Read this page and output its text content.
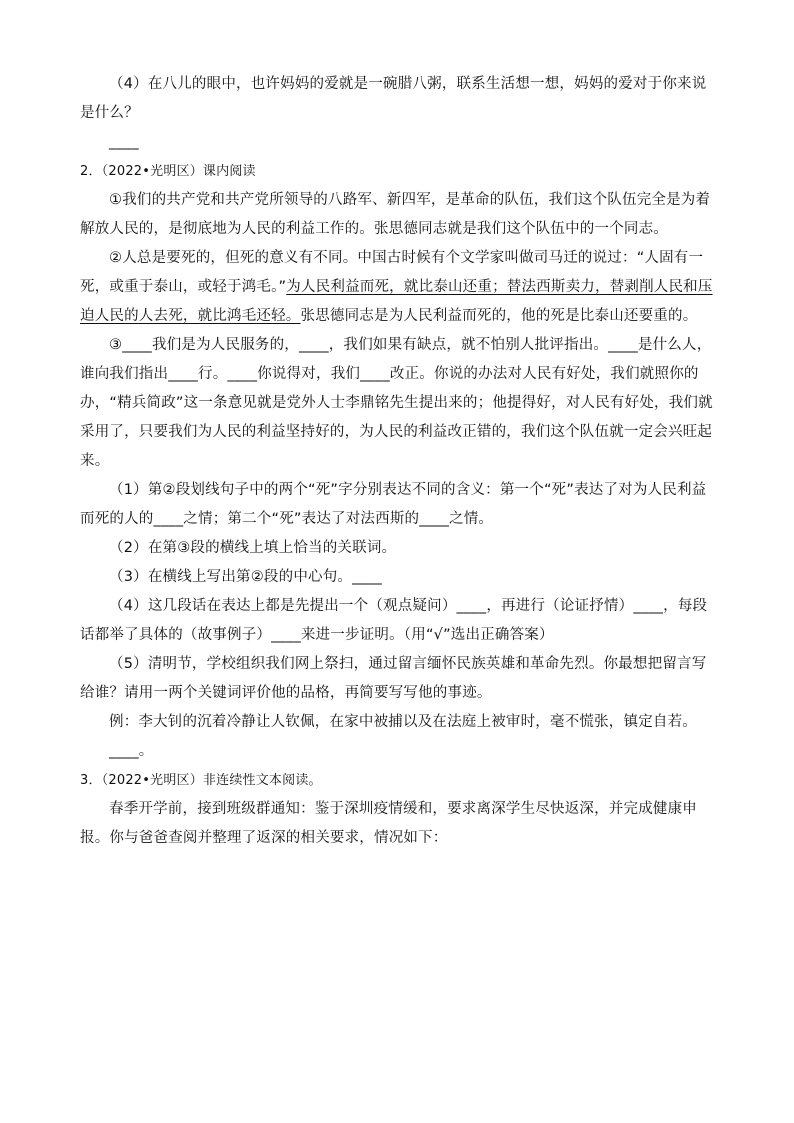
（4）在八儿的眼中，也许妈妈的爱就是一碗腊八粥，联系生活想一想，妈妈的爱对于你来说是什么？

____

2．（2022•光明区）课内阅读

①我们的共产党和共产党所领导的八路军、新四军，是革命的队伍，我们这个队伍完全是为着解放人民的，是彻底地为人民的利益工作的。张思德同志就是我们这个队伍中的一个同志。

②人总是要死的，但死的意义有不同。中国古时候有个文学家叫做司马迁的说过：“人固有一死，或重于泰山，或轻于鸿毛。”为人民利益而死，就比泰山还重；替法西斯卖力，替剥削人民和压迫人民的人去死，就比鸿毛还轻。张思德同志是为人民利益而死的，他的死是比泰山还要重的。

③____我们是为人民服务的，____，我们如果有缺点，就不怕别人批评指出。____是什么人，谁向我们指出____行。____你说得对，我们____改正。你说的办法对人民有好处，我们就照你的办，“精兵简政”这一条意见就是党外人士李鼎铭先生提出来的；他提得好，对人民有好处，我们就采用了，只要我们为人民的利益坚持好的，为人民的利益改正错的，我们这个队伍就一定会兴旺起来。

（1）第②段划线句子中的两个“死”字分别表达不同的含义：第一个“死”表达了对为人民利益而死的人的____之情；第二个“死”表达了对法西斯的____之情。

（2）在第③段的横线上填上恰当的关联词。

（3）在横线上写出第②段的中心句。____

（4）这几段话在表达上都是先提出一个（观点疑问）____，再进行（论证抒情）____，每段话都举了具体的（故事例子）____来进一步证明。（用“√”选出正确答案）

（5）清明节，学校组织我们网上祭扫，通过留言缅怀民族英雄和革命先烈。你最想把留言写给谁？请用一两个关键词评价他的品格，再简要写写他的事迹。

例：李大钊的沉着冷静让人钦佩，在家中被捕以及在法庭上被审时，毫不慌张，镇定自若。

____。

3．（2022•光明区）非连续性文本阅读。

春季开学前，接到班级群通知：鉴于深圳疫情缓和，要求离深学生尽快返深，并完成健康申报。你与爸爸查阅并整理了返深的相关要求，情况如下：
